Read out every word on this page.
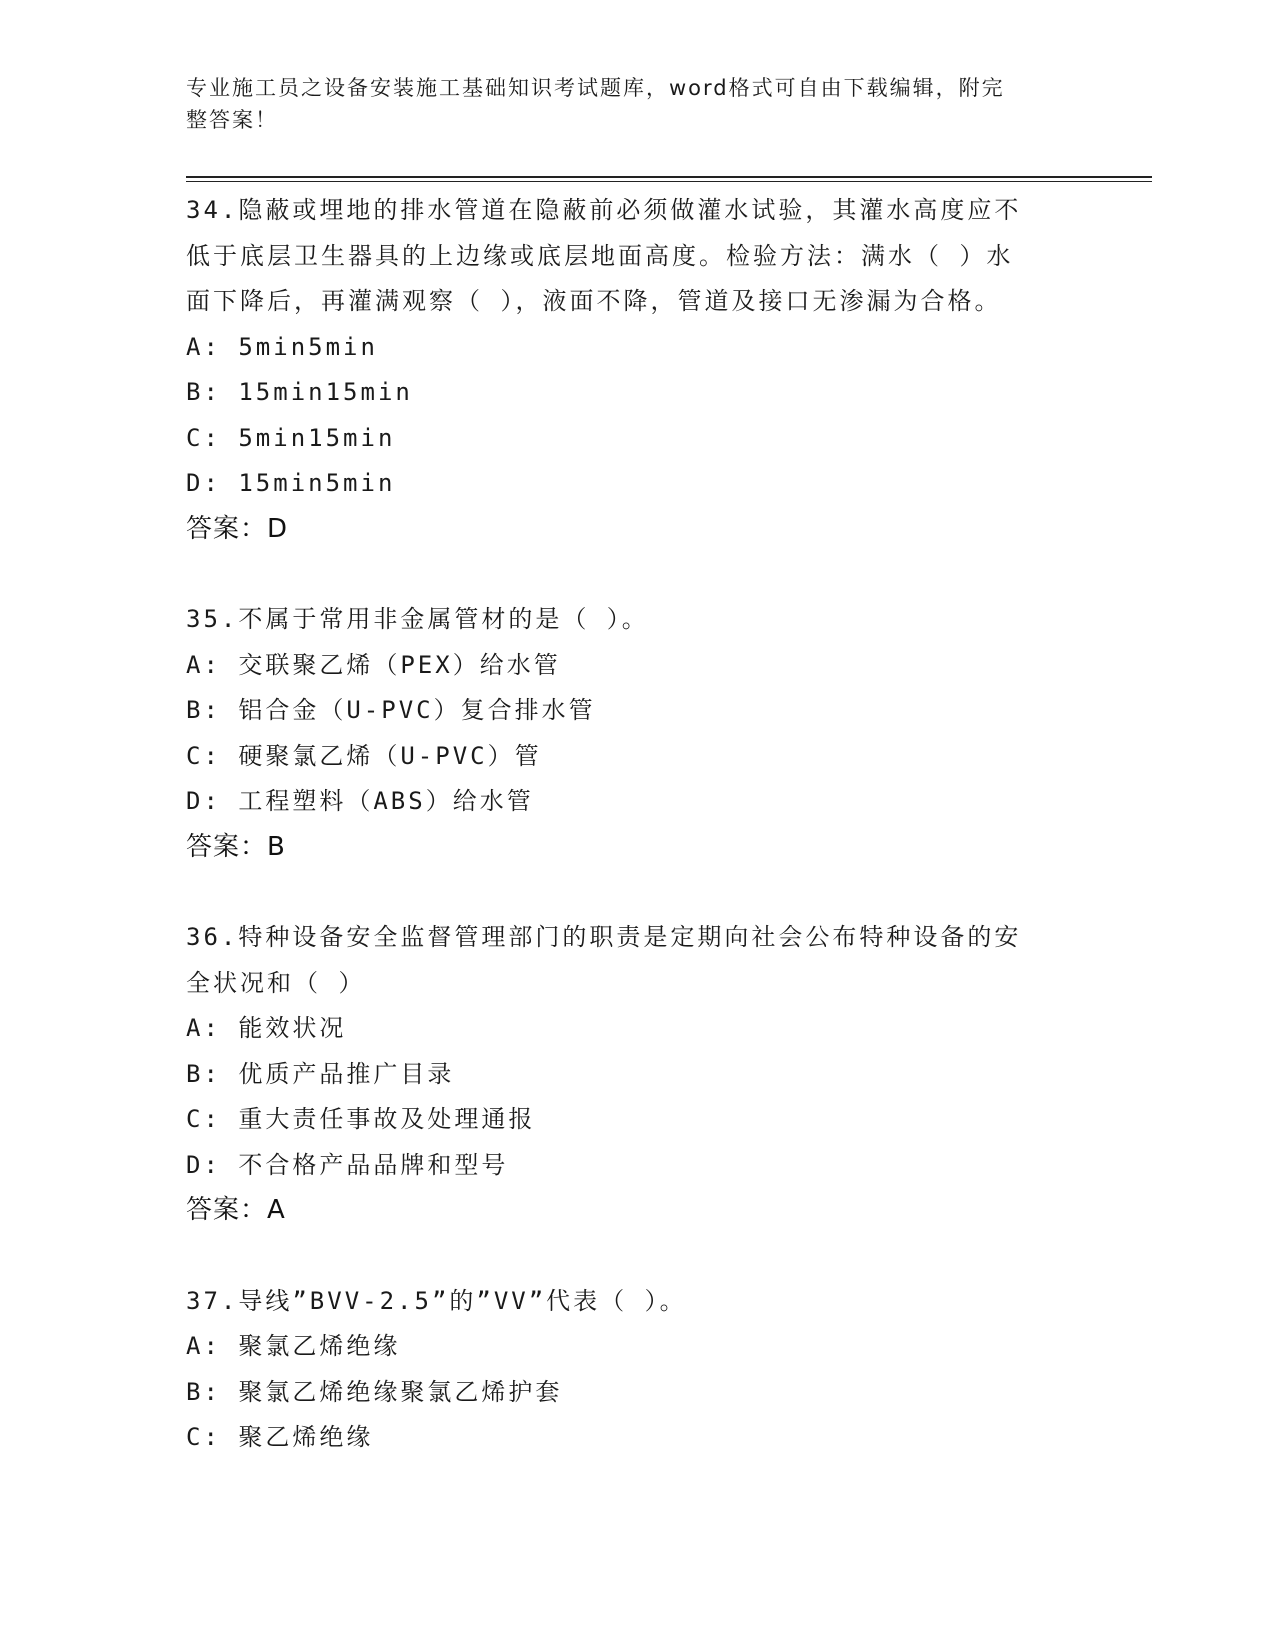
专业施工员之设备安装施工基础知识考试题库，word格式可自由下载编辑，附完
整答案！

34.隐蔽或埋地的排水管道在隐蔽前必须做灌水试验，其灌水高度应不

低于底层卫生器具的上边缘或底层地面高度。检验方法：满水（ ）水

面下降后，再灌满观察（ ），液面不降，管道及接口无渗漏为合格。

A: 5min5min

B: 15min15min

C: 5min15min

D: 15min5min

答案：D

35.不属于常用非金属管材的是（ ）。

A: 交联聚乙烯（PEX）给水管

B: 铝合金（U-PVC）复合排水管

C: 硬聚氯乙烯（U-PVC）管

D: 工程塑料（ABS）给水管

答案：B

36.特种设备安全监督管理部门的职责是定期向社会公布特种设备的安

全状况和（ ）

A: 能效状况

B: 优质产品推广目录

C: 重大责任事故及处理通报

D: 不合格产品品牌和型号

答案：A

37.导线”BVV-2.5”的”VV”代表（ ）。

A: 聚氯乙烯绝缘

B: 聚氯乙烯绝缘聚氯乙烯护套

C: 聚乙烯绝缘
